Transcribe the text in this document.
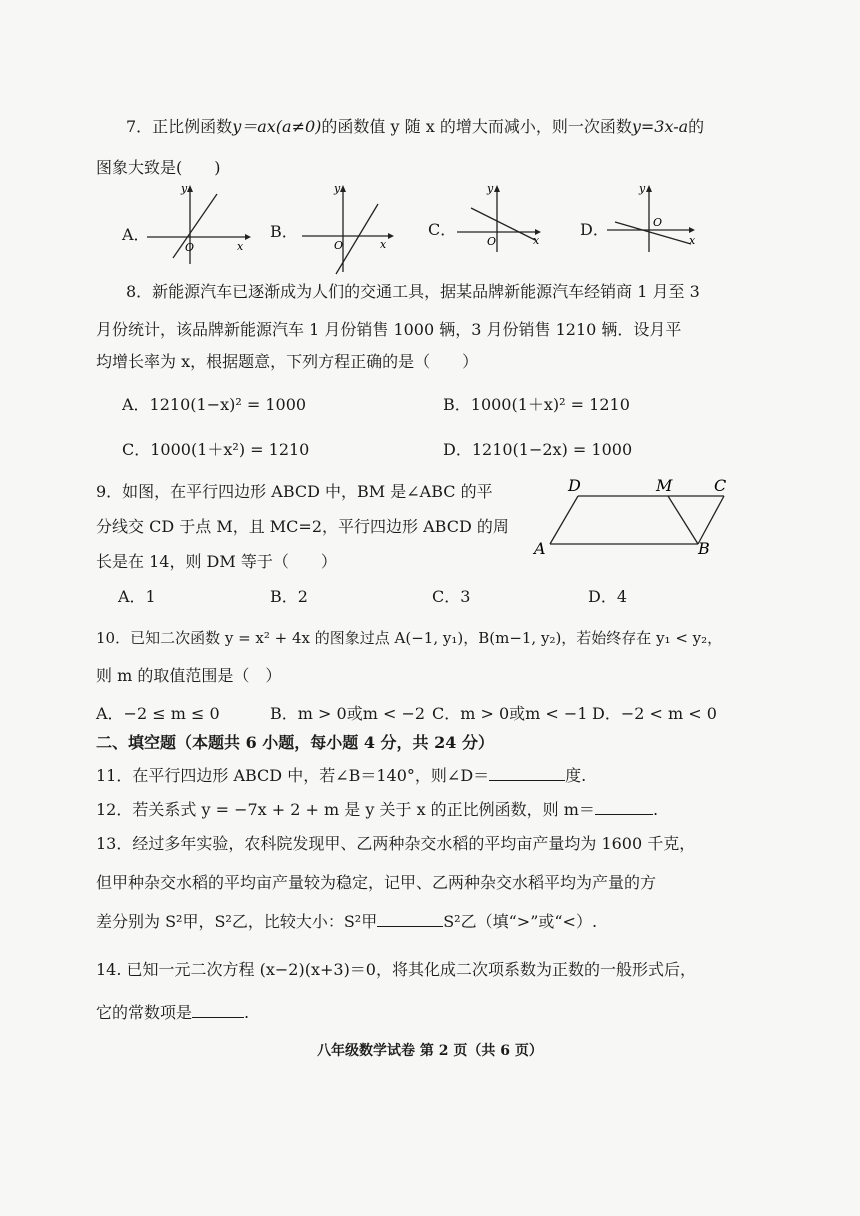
7．正比例函数y＝ax(a≠0)的函数值 y 随 x 的增大而减小，则一次函数y=3x-a的
图象大致是(　　)
A．	B．	C．	D．
y
x
O
y
x
O
y
x
O
y
x
O
8．新能源汽车已逐渐成为人们的交通工具，据某品牌新能源汽车经销商 1 月至 3
月份统计，该品牌新能源汽车 1 月份销售 1000 辆，3 月份销售 1210 辆．设月平
均增长率为 x，根据题意，下列方程正确的是（　　）
A．1210(1−x)² = 1000	B．1000(1＋x)² = 1210
C．1000(1＋x²) = 1210	D．1210(1−2x) = 1000
9．如图，在平行四边形 ABCD 中，BM 是∠ABC 的平
分线交 CD 于点 M，且 MC=2，平行四边形 ABCD 的周
长是在 14，则 DM 等于（　　）
D	M	C
A	B
A．1	B．2	C．3	D．4
10．已知二次函数 y = x² + 4x 的图象过点 A(−1, y₁)，B(m−1, y₂)，若始终存在 y₁ < y₂，
则 m 的取值范围是（　）
A．−2 ≤ m ≤ 0	B．m > 0或m < −2 C．m > 0或m < −1 D．−2 < m < 0
二、填空题（本题共 6 小题，每小题 4 分，共 24 分）
11．在平行四边形 ABCD 中，若∠B＝140°，则∠D＝	度.
12．若关系式 y = −7x + 2 + m 是 y 关于 x 的正比例函数，则 m＝	.
13．经过多年实验，农科院发现甲、乙两种杂交水稻的平均亩产量均为 1600 千克，
但甲种杂交水稻的平均亩产量较为稳定，记甲、乙两种杂交水稻平均为产量的方
差分别为 S²甲，S²乙，比较大小：S²甲	S²乙（填“>”或“<）.
14. 已知一元二次方程 (x−2)(x+3)＝0，将其化成二次项系数为正数的一般形式后，
它的常数项是	.
八年级数学试卷 第 2 页（共 6 页）
